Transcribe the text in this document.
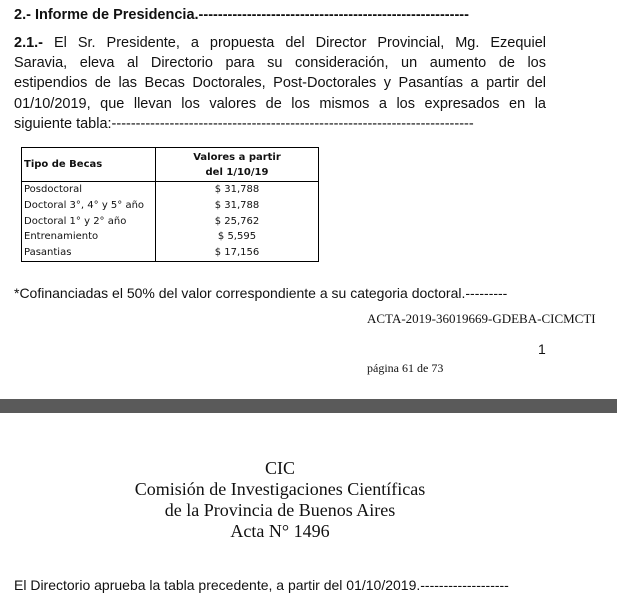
2.- Informe de Presidencia.--------------------------------------------------------
2.1.- El Sr. Presidente, a propuesta del Director Provincial, Mg. Ezequiel
Saravia, eleva al Directorio para su consideración, un aumento de los
estipendios de las Becas Doctorales, Post-Doctorales y Pasantías a partir del
01/10/2019, que llevan los valores de los mismos a los expresados en la
siguiente tabla:---------------------------------------------------------------------------
Tipo de Becas	Valores a partir
del 1/10/19
Posdoctoral	$ 31,788
Doctoral 3°, 4° y 5° año	$ 31,788
Doctoral 1° y 2° año	$ 25,762
Entrenamiento	$ 5,595
Pasantias	$ 17,156
*Cofinanciadas el 50% del valor correspondiente a su categoria doctoral.---------
ACTA-2019-36019669-GDEBA-CICMCTI
1
página 61 de 73
CIC
Comisión de Investigaciones Científicas
de la Provincia de Buenos Aires
Acta N° 1496
El Directorio aprueba la tabla precedente, a partir del 01/10/2019.-------------------
